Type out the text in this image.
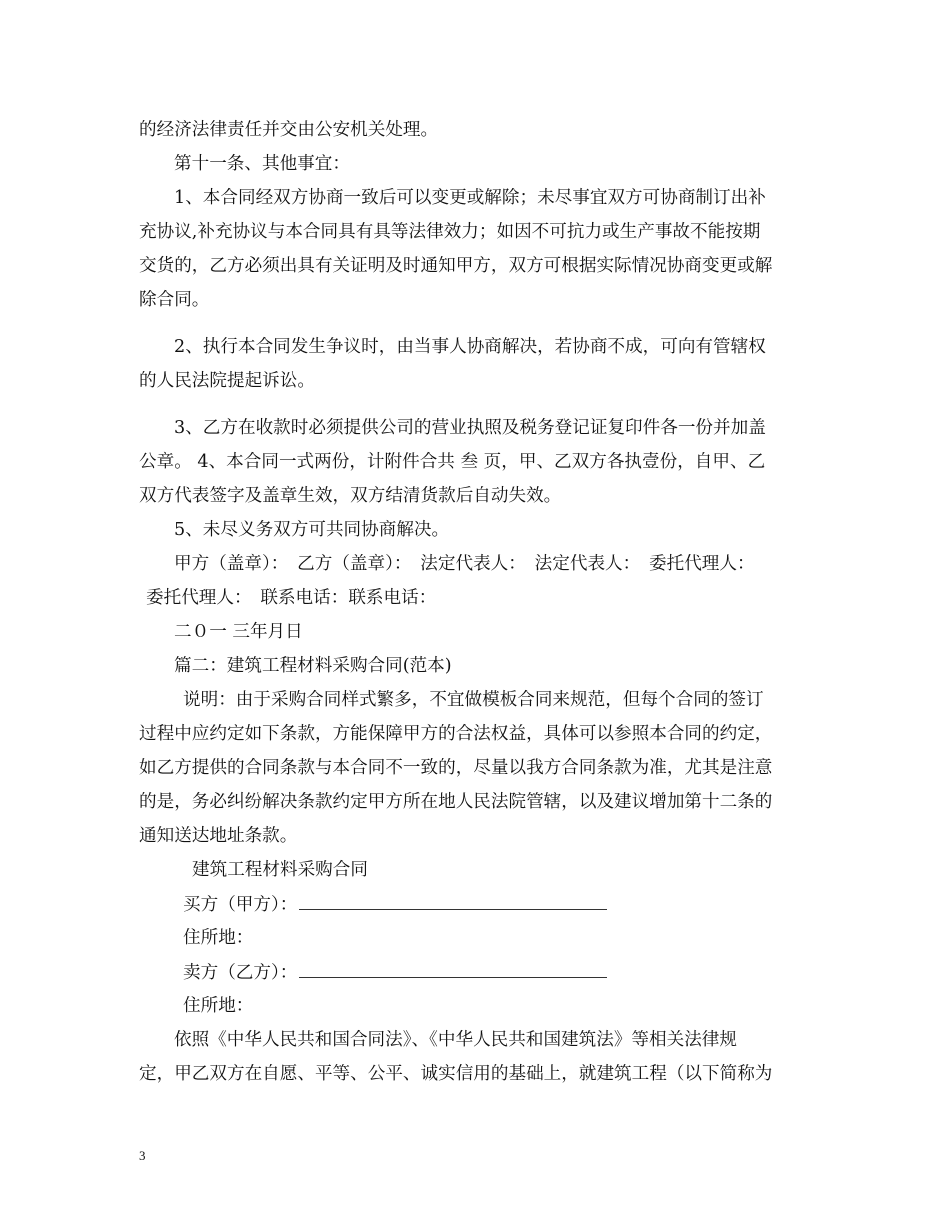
的经济法律责任并交由公安机关处理。
第十一条、其他事宜：
1、本合同经双方协商一致后可以变更或解除；未尽事宜双方可协商制订出补
充协议,补充协议与本合同具有具等法律效力；如因不可抗力或生产事故不能按期
交货的，乙方必须出具有关证明及时通知甲方，双方可根据实际情况协商变更或解
除合同。
2、执行本合同发生争议时，由当事人协商解决，若协商不成，可向有管辖权
的人民法院提起诉讼。
3、乙方在收款时必须提供公司的营业执照及税务登记证复印件各一份并加盖
公章。 4、本合同一式两份，计附件合共 叁 页，甲、乙双方各执壹份，自甲、乙
双方代表签字及盖章生效，双方结清货款后自动失效。
5、未尽义务双方可共同协商解决。
甲方（盖章）：　乙方（盖章）：　法定代表人：　法定代表人：　委托代理人：
委托代理人：　联系电话：联系电话：
二０一 三年月日
篇二：建筑工程材料采购合同(范本)
说明：由于采购合同样式繁多，不宜做模板合同来规范，但每个合同的签订
过程中应约定如下条款，方能保障甲方的合法权益，具体可以参照本合同的约定，
如乙方提供的合同条款与本合同不一致的，尽量以我方合同条款为准，尤其是注意
的是，务必纠纷解决条款约定甲方所在地人民法院管辖，以及建议增加第十二条的
通知送达地址条款。
建筑工程材料采购合同
买方（甲方）：
住所地：
卖方（乙方）：
住所地：
依照《中华人民共和国合同法》、《中华人民共和国建筑法》等相关法律规
定，甲乙双方在自愿、平等、公平、诚实信用的基础上，就建筑工程（以下简称为
3
